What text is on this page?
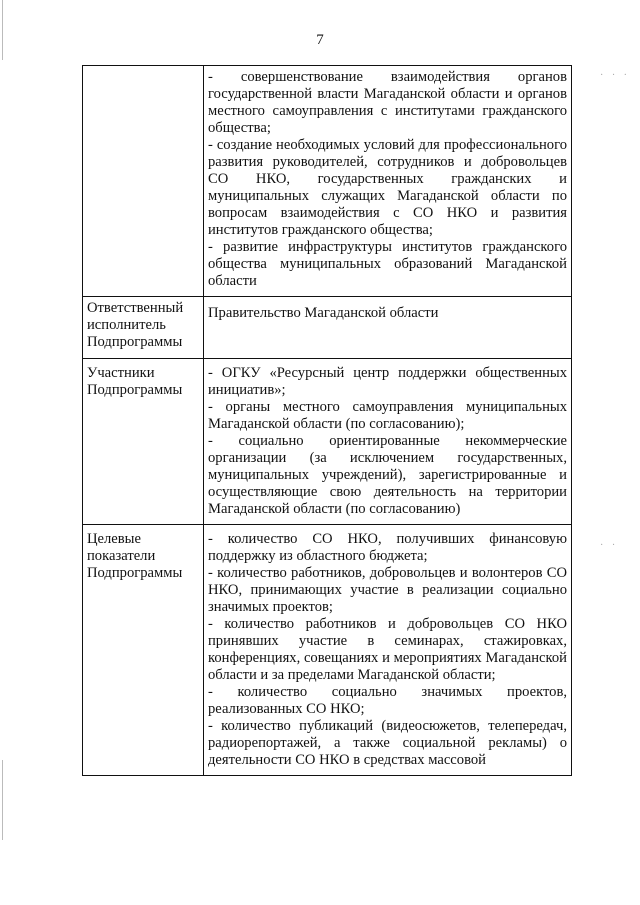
7

	- совершенствование взаимодействия органов государственной власти Магаданской области и органов местного самоуправления с институтами гражданского общества;
- создание необходимых условий для профессионального развития руководителей, сотрудников и добровольцев СО НКО, государственных гражданских и муниципальных служащих Магаданской области по вопросам взаимодействия с СО НКО и развития институтов гражданского общества;
- развитие инфраструктуры институтов гражданского общества муниципальных образований Магаданской области

Ответственный исполнитель Подпрограммы	Правительство Магаданской области

Участники Подпрограммы	- ОГКУ «Ресурсный центр поддержки общественных инициатив»;
- органы местного самоуправления муниципальных Магаданской области (по согласованию);
- социально ориентированные некоммерческие организации (за исключением государственных, муниципальных учреждений), зарегистрированные и осуществляющие свою деятельность на территории Магаданской области (по согласованию)

Целевые показатели Подпрограммы	- количество СО НКО, получивших финансовую поддержку из областного бюджета;
- количество работников, добровольцев и волонтеров СО НКО, принимающих участие в реализации социально значимых проектов;
- количество работников и добровольцев СО НКО принявших участие в семинарах, стажировках, конференциях, совещаниях и мероприятиях Магаданской области и за пределами Магаданской области;
- количество социально значимых проектов, реализованных СО НКО;
- количество публикаций (видеосюжетов, телепередач, радиорепортажей, а также социальной рекламы) о деятельности СО НКО в средствах массовой
· · ·
· ·
